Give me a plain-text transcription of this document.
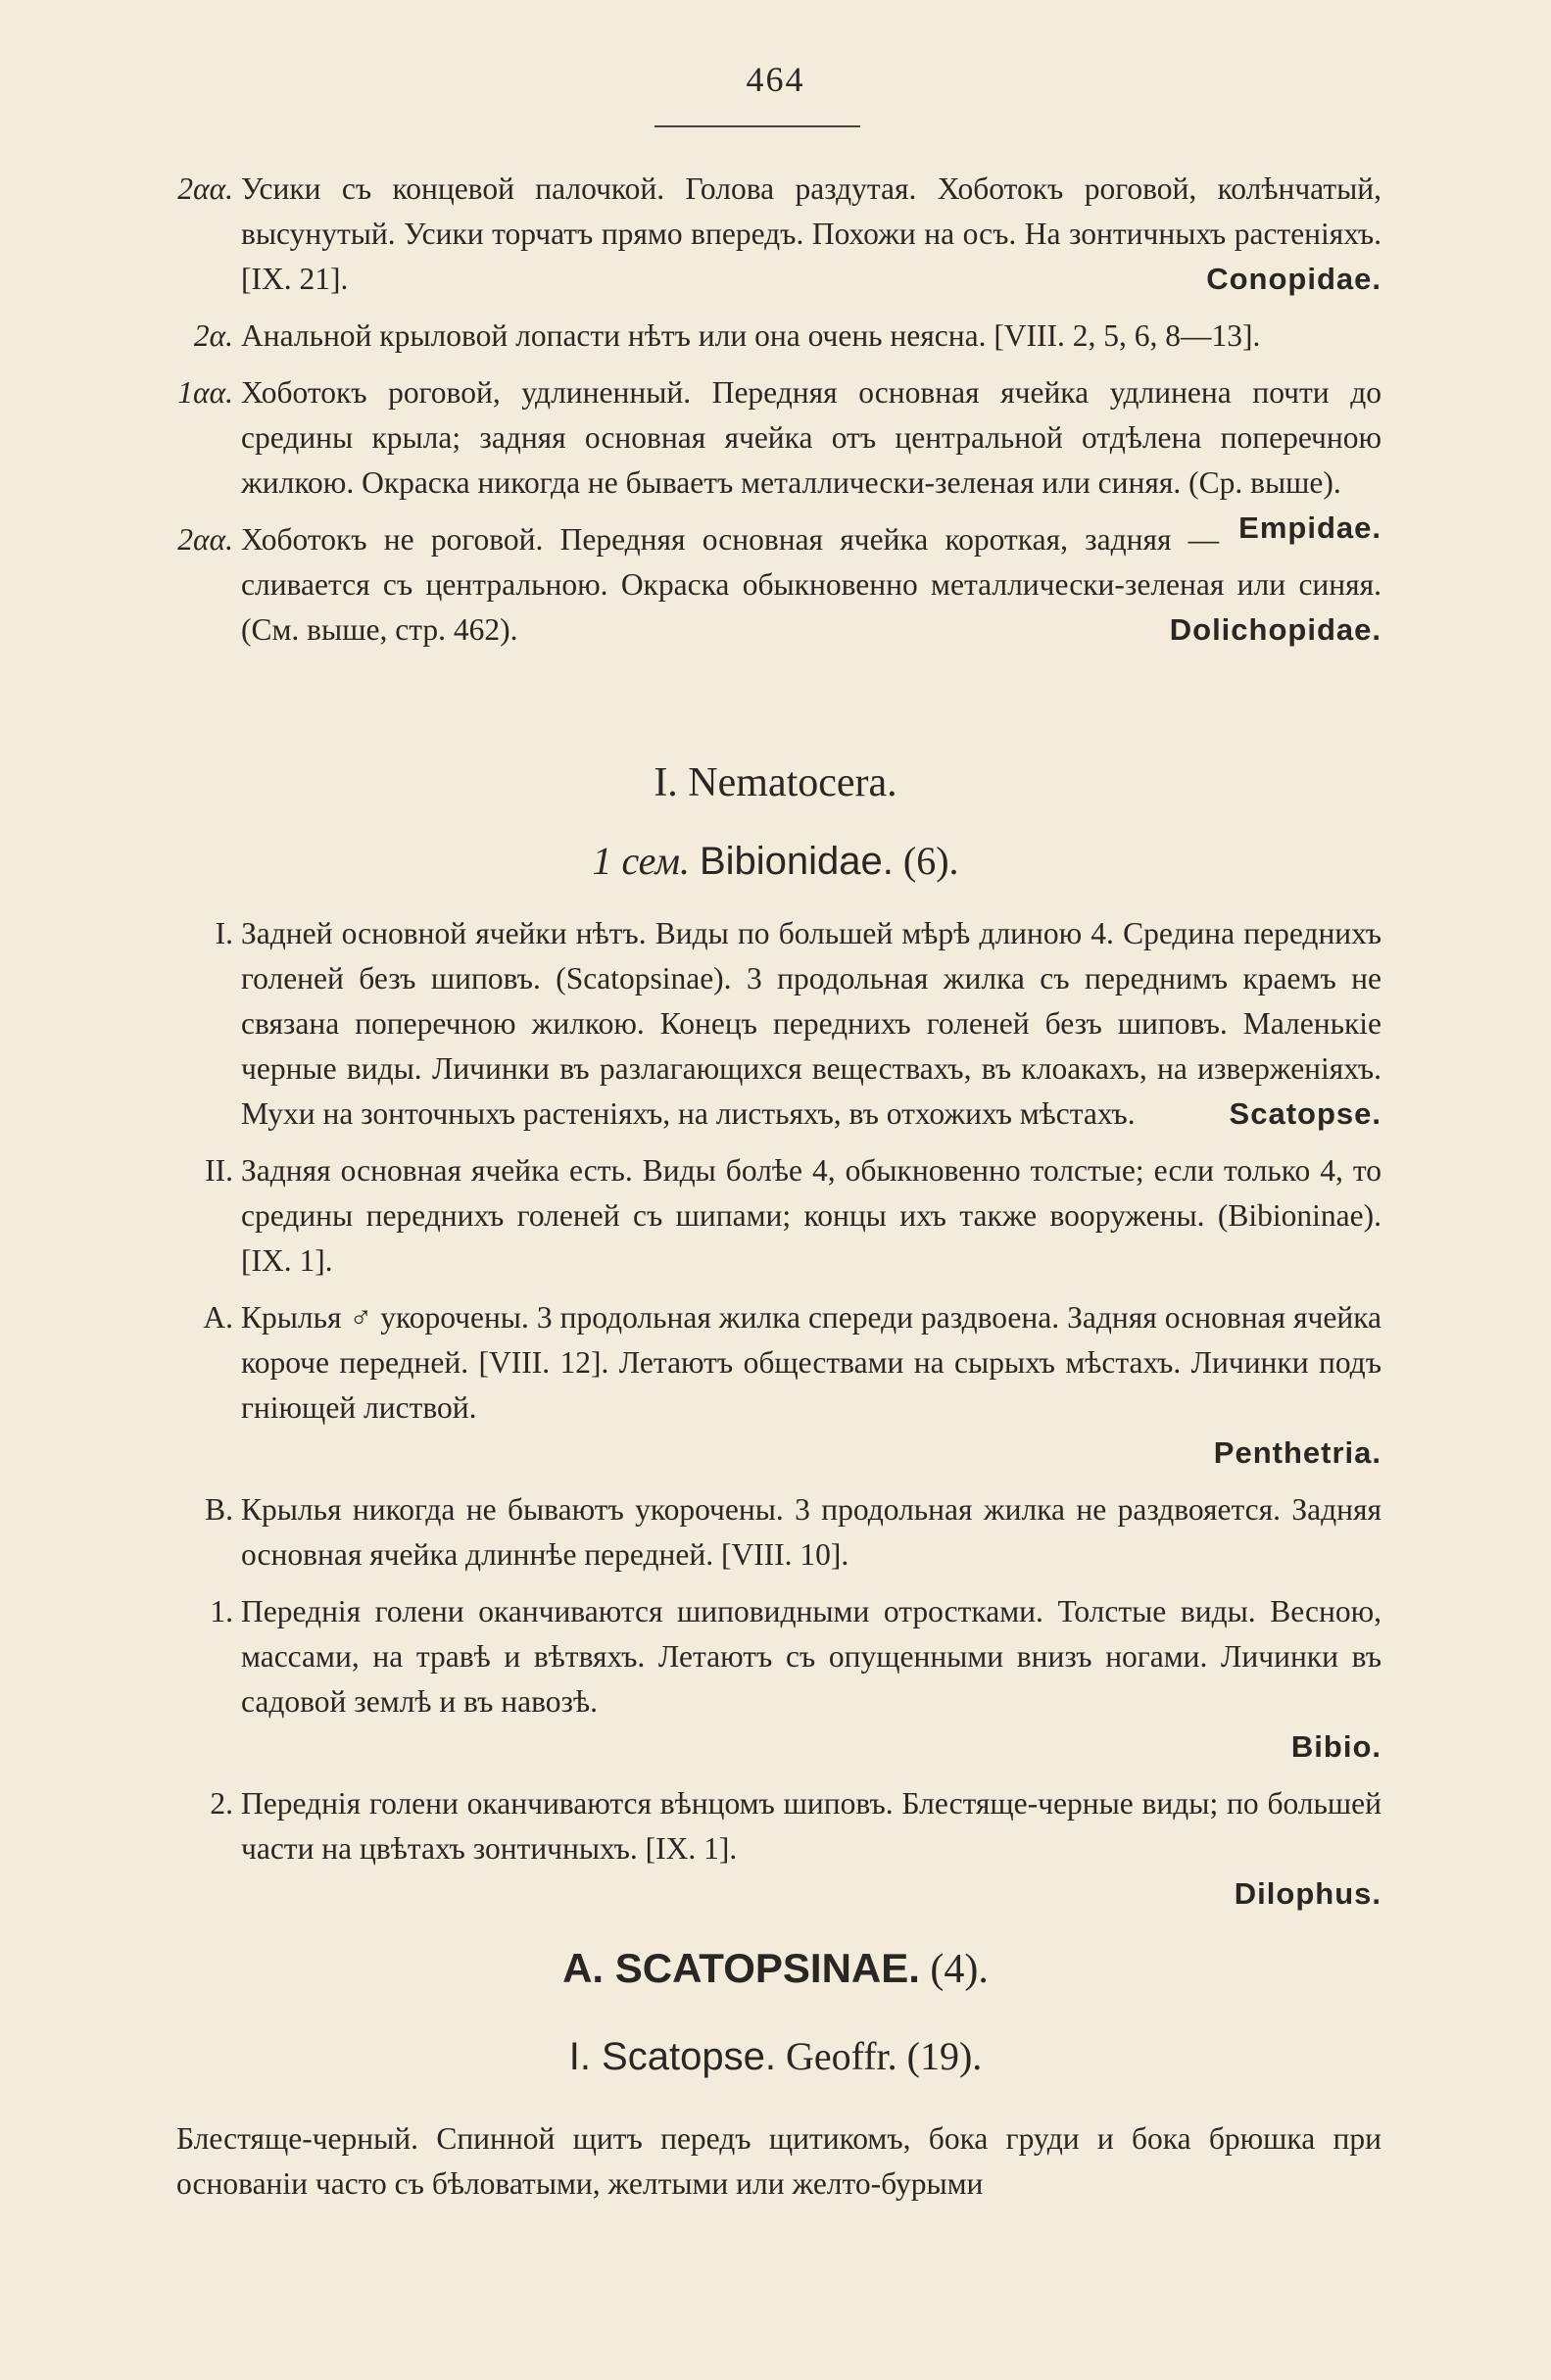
464
2αα. Усики съ концевой палочкой. Голова раздутая. Хоботокъ роговой, колѣнчатый, высунутый. Усики торчатъ прямо впередъ. Похожи на осъ. На зонтичныхъ растеніяхъ. [IX. 21].	Conopidae.
2α. Анальной крыловой лопасти нѣтъ или она очень неясна. [VIII. 2, 5, 6, 8—13].
1αα. Хоботокъ роговой, удлиненный. Передняя основная ячейка удлинена почти до средины крыла; задняя основная ячейка отъ центральной отдѣлена поперечною жилкою. Окраска никогда не бываетъ металлически-зеленая или синяя. (Ср. выше).
Empidae.
2αα. Хоботокъ не роговой. Передняя основная ячейка короткая, задняя — сливается съ центральною. Окраска обыкновенно металлически-зеленая или синяя. (См. выше, стр. 462).	Dolichopidae.
I. Nematocera.
1 сем. Bibionidae. (6).
I. Задней основной ячейки нѣтъ. Виды по большей мѣрѣ длиною 4. Средина переднихъ голеней безъ шиповъ. (Scatopsinae). 3 продольная жилка съ переднимъ краемъ не связана поперечною жилкою. Конецъ переднихъ голеней безъ шиповъ. Маленькіе черные виды. Личинки въ разлагающихся веществахъ, въ клоакахъ, на изверженіяхъ. Мухи на зонточныхъ растеніяхъ, на листьяхъ, въ отхожихъ мѣстахъ.	Scatopse.
II. Задняя основная ячейка есть. Виды болѣе 4, обыкновенно толстые; если только 4, то средины переднихъ голеней съ шипами; концы ихъ также вооружены. (Bibioninae). [IX. 1].
A. Крылья ♂ укорочены. 3 продольная жилка спереди раздвоена. Задняя основная ячейка короче передней. [VIII. 12]. Летаютъ обществами на сырыхъ мѣстахъ. Личинки подъ гніющей листвой.
Penthetria.
B. Крылья никогда не бываютъ укорочены. 3 продольная жилка не раздвояется. Задняя основная ячейка длиннѣе передней. [VIII. 10].
1. Переднія голени оканчиваются шиповидными отростками. Толстые виды. Весною, массами, на травѣ и вѣтвяхъ. Летаютъ съ опущенными внизъ ногами. Личинки въ садовой землѣ и въ навозѣ.
Bibio.
2. Переднія голени оканчиваются вѣнцомъ шиповъ. Блестяще-черные виды; по большей части на цвѣтахъ зонтичныхъ. [IX. 1].
Dilophus.
A. SCATOPSINAE. (4).
I. Scatopse. Geoffr. (19).
Блестяще-черный. Спинной щитъ передъ щитикомъ, бока груди и бока брюшка при основаніи часто съ бѣловатыми, желтыми или желто-бурыми
